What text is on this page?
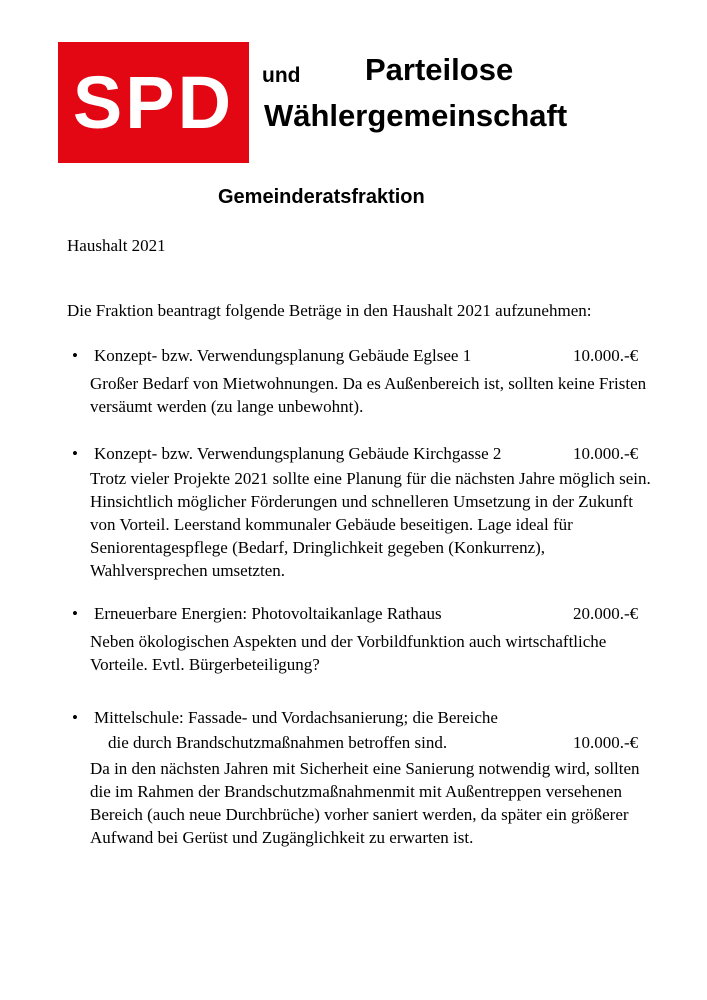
SPD	und Parteilose
Wählergemeinschaft
Gemeinderatsfraktion
Haushalt 2021
Die Fraktion beantragt folgende Beträge in den Haushalt 2021 aufzunehmen:
• Konzept- bzw. Verwendungsplanung Gebäude Eglsee 1	10.000.-€
Großer Bedarf von Mietwohnungen. Da es Außenbereich ist, sollten keine Fristen versäumt werden (zu lange unbewohnt).
• Konzept- bzw. Verwendungsplanung Gebäude Kirchgasse 2	10.000.-€
Trotz vieler Projekte 2021 sollte eine Planung für die nächsten Jahre möglich sein. Hinsichtlich möglicher Förderungen und schnelleren Umsetzung in der Zukunft von Vorteil. Leerstand kommunaler Gebäude beseitigen. Lage ideal für Seniorentagespflege (Bedarf, Dringlichkeit gegeben (Konkurrenz), Wahlversprechen umsetzten.
• Erneuerbare Energien: Photovoltaikanlage Rathaus	20.000.-€
Neben ökologischen Aspekten und der Vorbildfunktion auch wirtschaftliche Vorteile. Evtl. Bürgerbeteiligung?
• Mittelschule: Fassade- und Vordachsanierung; die Bereiche
die durch Brandschutzmaßnahmen betroffen sind.	10.000.-€
Da in den nächsten Jahren mit Sicherheit eine Sanierung notwendig wird, sollten die im Rahmen der Brandschutzmaßnahmenmit mit Außentreppen versehenen Bereich (auch neue Durchbrüche) vorher saniert werden, da später ein größerer Aufwand bei Gerüst und Zugänglichkeit zu erwarten ist.
